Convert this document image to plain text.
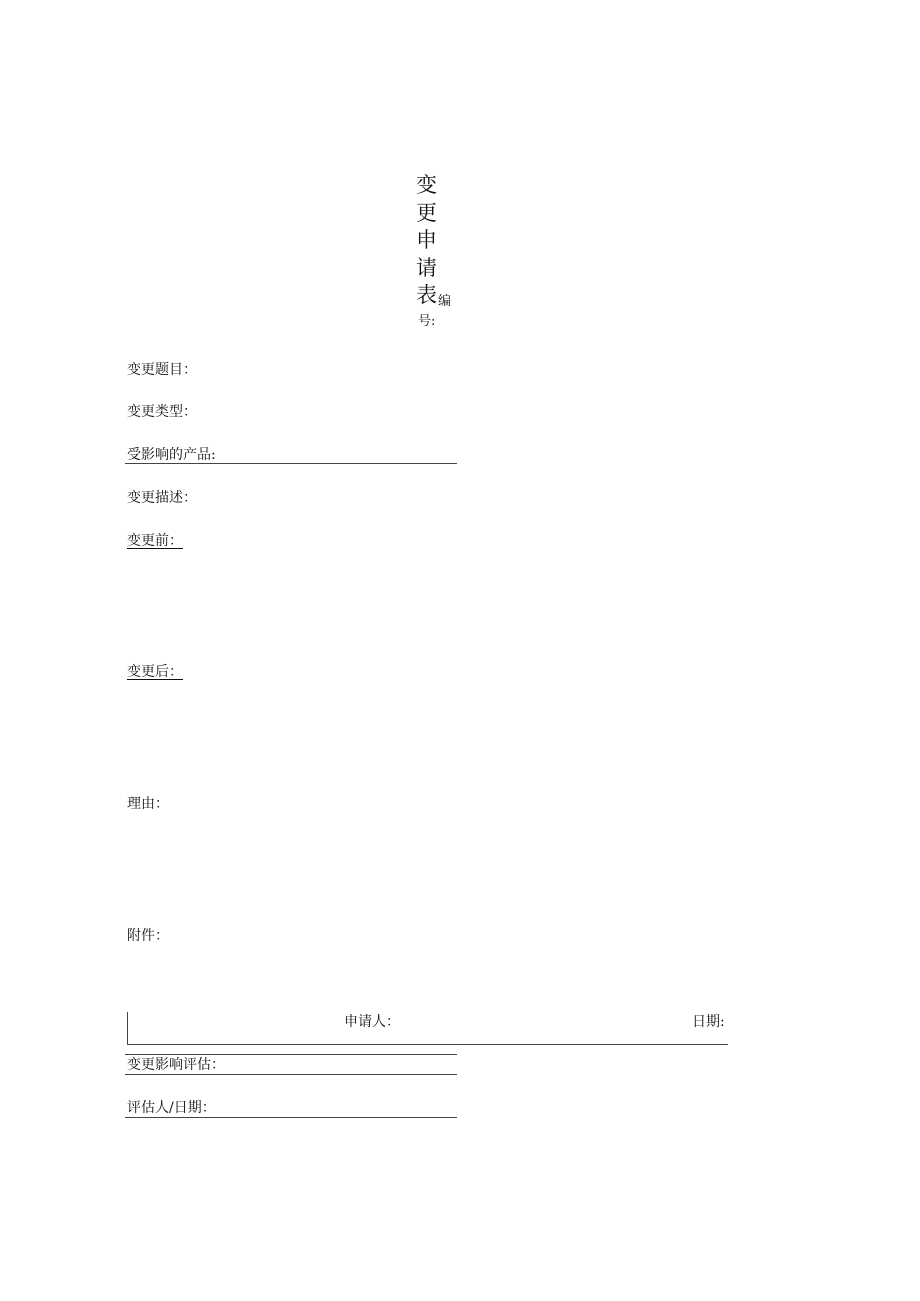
变
更
申
请
表 编
号:
变更题目：
变更类型：
受影响的产品:
变更描述：
变更前：
变更后：
理由：
附件：
申请人：	日期:
变更影响评估：
评估人/日期：
